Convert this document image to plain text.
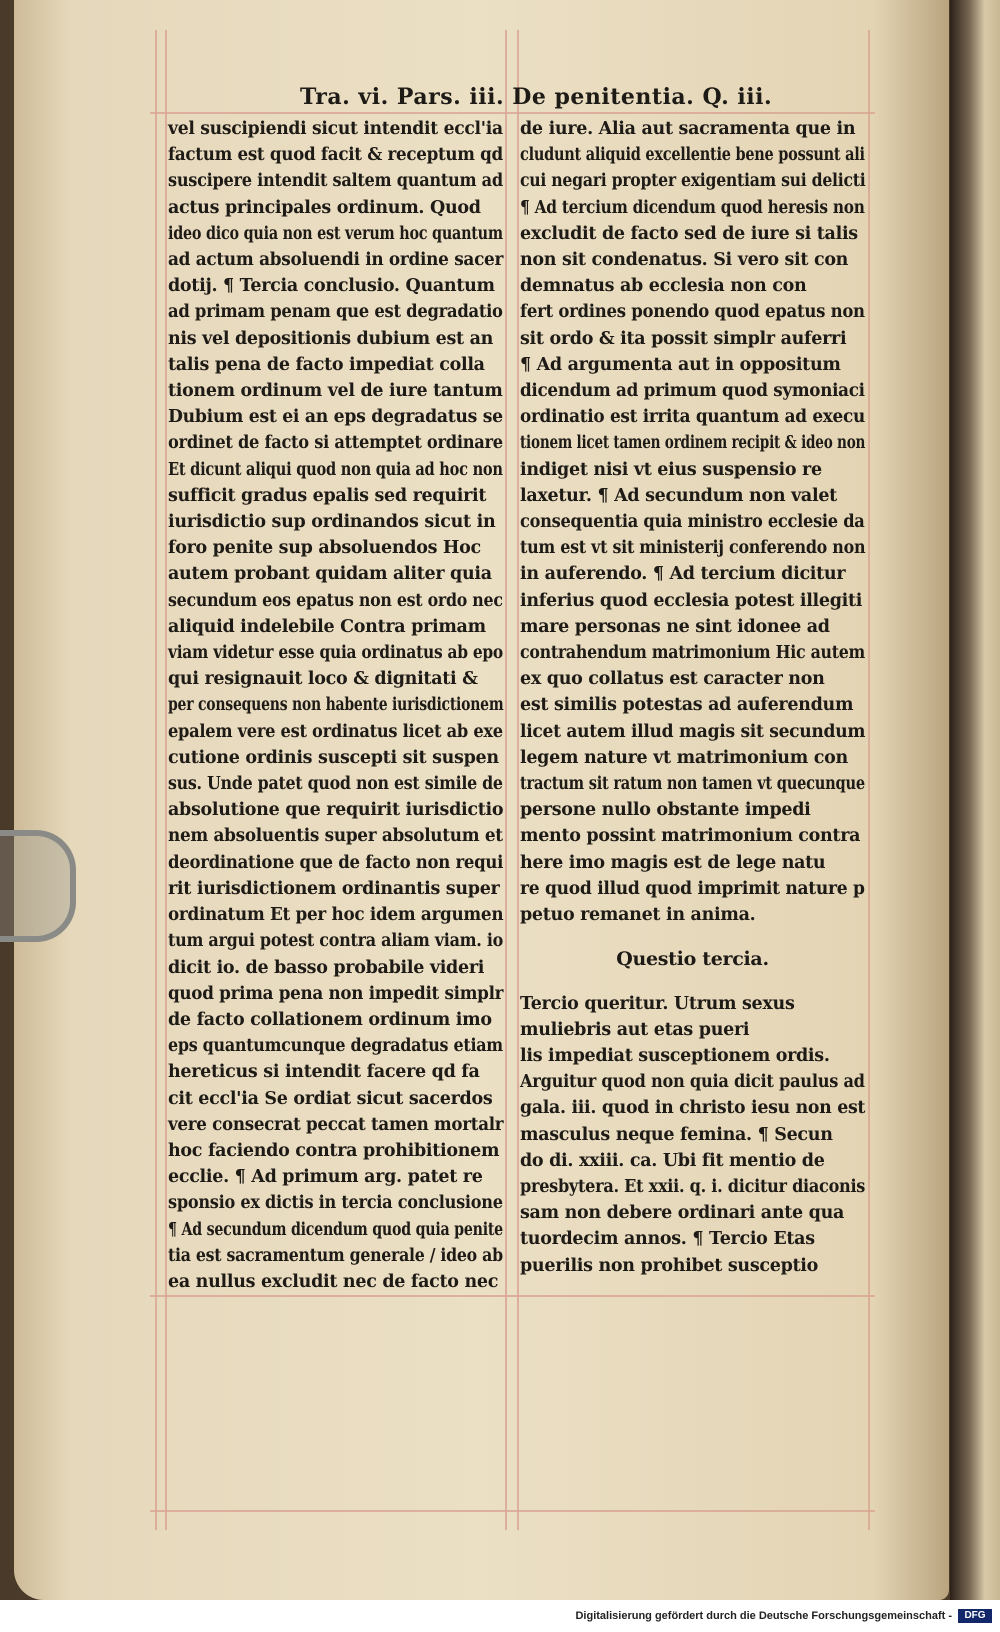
Tra. vi. Pars. iii. De penitentia. Q. iii.
vel suscipiendi sicut intendit eccl'ia
factum est quod facit & receptum qd
suscipere intendit saltem quantum ad
actus principales ordinum. Quod
ideo dico quia non est verum hoc quantum
ad actum absoluendi in ordine sacer
dotij. ¶ Tercia conclusio. Quantum
ad primam penam que est degradatio
nis vel depositionis dubium est an
talis pena de facto impediat colla
tionem ordinum vel de iure tantum
Dubium est ei an eps degradatus se
ordinet de facto si attemptet ordinare
Et dicunt aliqui quod non quia ad hoc non
sufficit gradus epalis sed requirit
iurisdictio sup ordinandos sicut in
foro penite sup absoluendos Hoc
autem probant quidam aliter quia
secundum eos epatus non est ordo nec
aliquid indelebile Contra primam
viam videtur esse quia ordinatus ab epo
qui resignauit loco & dignitati &
per consequens non habente iurisdictionem
epalem vere est ordinatus licet ab exe
cutione ordinis suscepti sit suspen
sus. Unde patet quod non est simile de
absolutione que requirit iurisdictio
nem absoluentis super absolutum et
deordinatione que de facto non requi
rit iurisdictionem ordinantis super
ordinatum Et per hoc idem argumen
tum argui potest contra aliam viam. io
dicit io. de basso probabile videri
quod prima pena non impedit simplr
de facto collationem ordinum imo
eps quantumcunque degradatus etiam
hereticus si intendit facere qd fa
cit eccl'ia Se ordiat sicut sacerdos
vere consecrat peccat tamen mortalr
hoc faciendo contra prohibitionem
ecclie. ¶ Ad primum arg. patet re
sponsio ex dictis in tercia conclusione
¶ Ad secundum dicendum quod quia penite
tia est sacramentum generale / ideo ab
ea nullus excludit nec de facto nec
de iure. Alia aut sacramenta que in
cludunt aliquid excellentie bene possunt ali
cui negari propter exigentiam sui delicti
¶ Ad tercium dicendum quod heresis non
excludit de facto sed de iure si talis
non sit condenatus. Si vero sit con
demnatus ab ecclesia non con
fert ordines ponendo quod epatus non
sit ordo & ita possit simplr auferri
¶ Ad argumenta aut in oppositum
dicendum ad primum quod symoniaci
ordinatio est irrita quantum ad execu
tionem licet tamen ordinem recipit & ideo non
indiget nisi vt eius suspensio re
laxetur. ¶ Ad secundum non valet
consequentia quia ministro ecclesie da
tum est vt sit ministerij conferendo non
in auferendo. ¶ Ad tercium dicitur
inferius quod ecclesia potest illegiti
mare personas ne sint idonee ad
contrahendum matrimonium Hic autem
ex quo collatus est caracter non
est similis potestas ad auferendum
licet autem illud magis sit secundum
legem nature vt matrimonium con
tractum sit ratum non tamen vt quecunque
persone nullo obstante impedi
mento possint matrimonium contra
here imo magis est de lege natu
re quod illud quod imprimit nature p
petuo remanet in anima.
Questio tercia.
Tercio queritur. Utrum sexus
muliebris aut etas pueri
lis impediat susceptionem ordis.
Arguitur quod non quia dicit paulus ad
gala. iii. quod in christo iesu non est
masculus neque femina. ¶ Secun
do di. xxiii. ca. Ubi fit mentio de
presbytera. Et xxii. q. i. dicitur diaconis
sam non debere ordinari ante qua
tuordecim annos. ¶ Tercio Etas
puerilis non prohibet susceptio
Digitalisierung gefördert durch die Deutsche Forschungsgemeinschaft -	DFG
